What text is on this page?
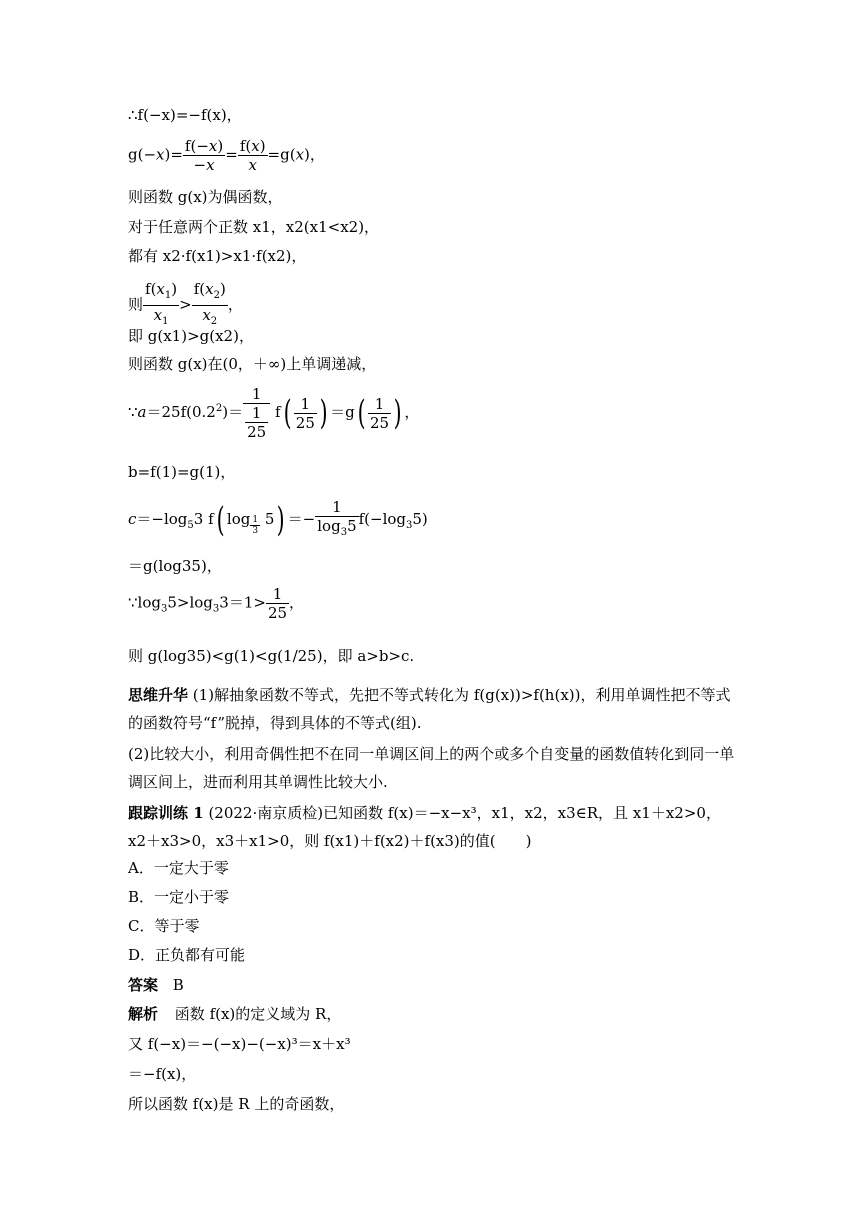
∴f(−x)=−f(x)，
$g(-x)= \frac{f(-x)}{-x} = \frac{f(x)}{x} =g(x)$，
则函数 g(x)为偶函数，
对于任意两个正数 x1，x2(x1<x2)，
都有 x2·f(x1)>x1·f(x2)，
则 $\frac{f(x_1)}{x_1} > \frac{f(x_2)}{x_2}$ ，
即 g(x1)>g(x2)，
则函数 g(x)在(0，＋∞)上单调递减，
$\because a=25f(0.2^2)= \frac{1}{\frac{1}{25}} f( \frac{1}{25}$ ) $=g( \frac{1}{25}$ ) ，
b=f(1)=g(1)，
$c=-\log_53$ f( log $_{\frac{1}{3}}$ $5) =- \frac{1}{\log_35} f(-\log_35)$
＝g(log35)，
$\because\log_35>\log_33=1> \frac{1}{25}$ ，
则 g(log35)<g(1)<g(1/25)，即 a>b>c.
思维升华 (1)解抽象函数不等式，先把不等式转化为 f(g(x))>f(h(x))，利用单调性把不等式的函数符号“f”脱掉，得到具体的不等式(组).
(2)比较大小，利用奇偶性把不在同一单调区间上的两个或多个自变量的函数值转化到同一单调区间上，进而利用其单调性比较大小.
跟踪训练 1 (2022·南京质检)已知函数 f(x)＝−x−x³，x1，x2，x3∈R，且 x1＋x2>0，x2＋x3>0，x3＋x1>0，则 f(x1)＋f(x2)＋f(x3)的值(　　)
A．一定大于零
B．一定小于零
C．等于零
D．正负都有可能
答案 B
解析 函数 f(x)的定义域为 R，
又 f(−x)＝−(−x)−(−x)³＝x＋x³
＝−f(x)，
所以函数 f(x)是 R 上的奇函数，
